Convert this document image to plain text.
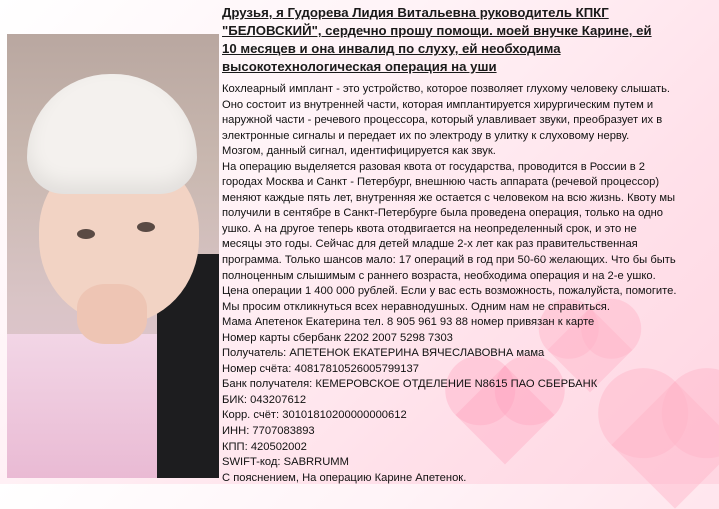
Друзья, я Гудорева Лидия Витальевна руководитель КПКГ
"БЕЛОВСКИЙ", сердечно прошу помощи. моей внучке Карине, ей
10 месяцев и она инвалид по слуху, ей необходима
высокотехнологическая операция на уши
Кохлеарный имплант - это устройство, которое позволяет глухому человеку слышать.
Оно состоит из внутренней части, которая имплантируется хирургическим путем и
наружной части - речевого процессора, который улавливает звуки, преобразует их в
электронные сигналы и передает их по электроду в улитку к слуховому нерву.
Мозгом, данный сигнал, идентифицируется как звук.
На операцию выделяется разовая квота от государства, проводится в России в 2
городах Москва и Санкт - Петербург, внешнюю часть аппарата (речевой процессор)
меняют каждые пять лет, внутренняя же остается с человеком на всю жизнь. Квоту мы
получили в сентябре в Санкт-Петербурге была проведена операция, только на одно
ушко. А на другое теперь квота отодвигается на неопределенный срок, и это не
месяцы это годы. Сейчас для детей младше 2-х лет как раз правительственная
программа. Только шансов мало: 17 операций в год при 50-60 желающих. Что бы быть
полноценным слышимым с раннего возраста, необходима операция и на 2-е ушко.
Цена операции 1 400 000 рублей. Если у вас есть возможность, пожалуйста, помогите.
Мы просим откликнуться всех неравнодушных. Одним нам не справиться.
Мама Апетенок Екатерина тел. 8 905 961 93 88 номер привязан к карте
Номер карты сбербанк 2202 2007 5298 7303
Получатель: АПЕТЕНОК ЕКАТЕРИНА ВЯЧЕСЛАВОВНА мама
Номер счёта: 40817810526005799137
Банк получателя: КЕМЕРОВСКОЕ ОТДЕЛЕНИЕ N8615 ПАО СБЕРБАНК
БИК: 043207612
Корр. счёт: 30101810200000000612
ИНН: 7707083893
КПП: 420502002
SWIFT-код: SABRRUMM
С пояснением, На операцию Карине Апетенок.
